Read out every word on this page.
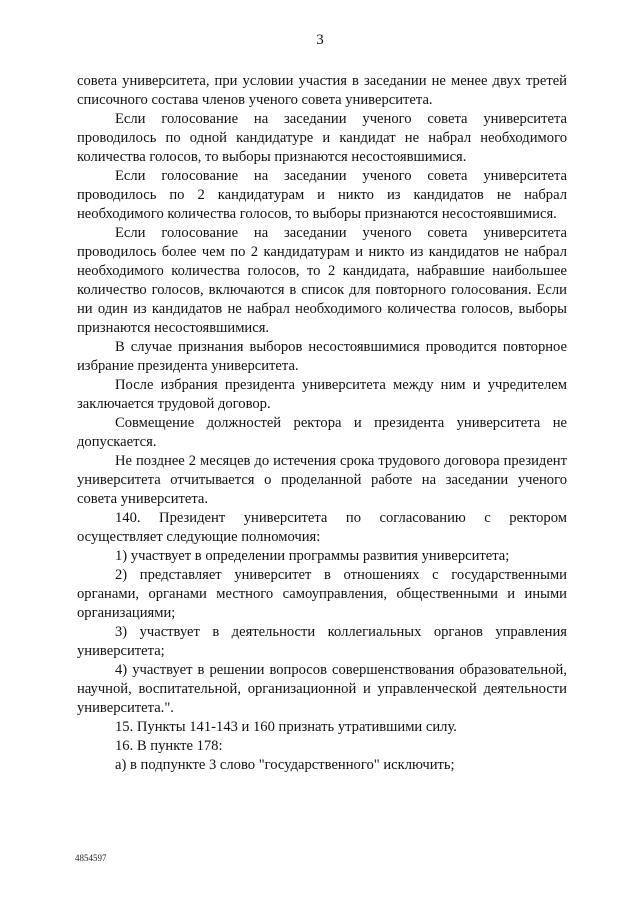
3

совета университета, при условии участия в заседании не менее двух третей списочного состава членов ученого совета университета.

Если голосование на заседании ученого совета университета проводилось по одной кандидатуре и кандидат не набрал необходимого количества голосов, то выборы признаются несостоявшимися.

Если голосование на заседании ученого совета университета проводилось по 2 кандидатурам и никто из кандидатов не набрал необходимого количества голосов, то выборы признаются несостоявшимися.

Если голосование на заседании ученого совета университета проводилось более чем по 2 кандидатурам и никто из кандидатов не набрал необходимого количества голосов, то 2 кандидата, набравшие наибольшее количество голосов, включаются в список для повторного голосования. Если ни один из кандидатов не набрал необходимого количества голосов, выборы признаются несостоявшимися.

В случае признания выборов несостоявшимися проводится повторное избрание президента университета.

После избрания президента университета между ним и учредителем заключается трудовой договор.

Совмещение должностей ректора и президента университета не допускается.

Не позднее 2 месяцев до истечения срока трудового договора президент университета отчитывается о проделанной работе на заседании ученого совета университета.

140. Президент университета по согласованию с ректором осуществляет следующие полномочия:

1) участвует в определении программы развития университета;

2) представляет университет в отношениях с государственными органами, органами местного самоуправления, общественными и иными организациями;

3) участвует в деятельности коллегиальных органов управления университета;

4) участвует в решении вопросов совершенствования образовательной, научной, воспитательной, организационной и управленческой деятельности университета.".

15. Пункты 141-143 и 160 признать утратившими силу.

16. В пункте 178:

а) в подпункте 3 слово "государственного" исключить;

4854597
